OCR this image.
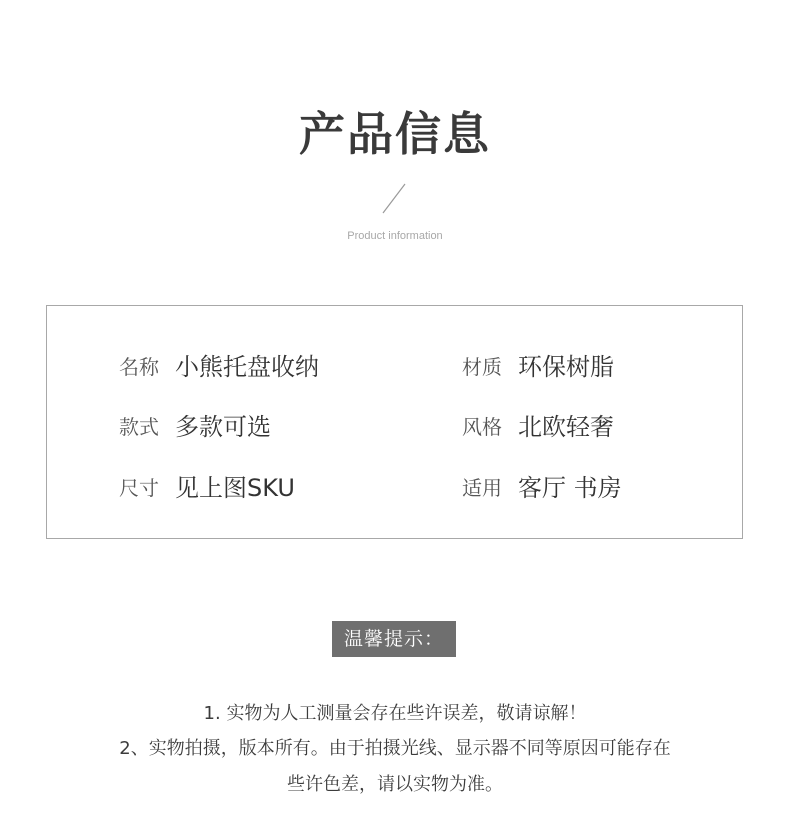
产品信息
Product information
名称 小熊托盘收纳	材质 环保树脂
款式 多款可选	风格 北欧轻奢
尺寸 见上图SKU	适用 客厅 书房
温馨提示：
1. 实物为人工测量会存在些许误差，敬请谅解！
2、实物拍摄，版本所有。由于拍摄光线、显示器不同等原因可能存在
些许色差，请以实物为准。
